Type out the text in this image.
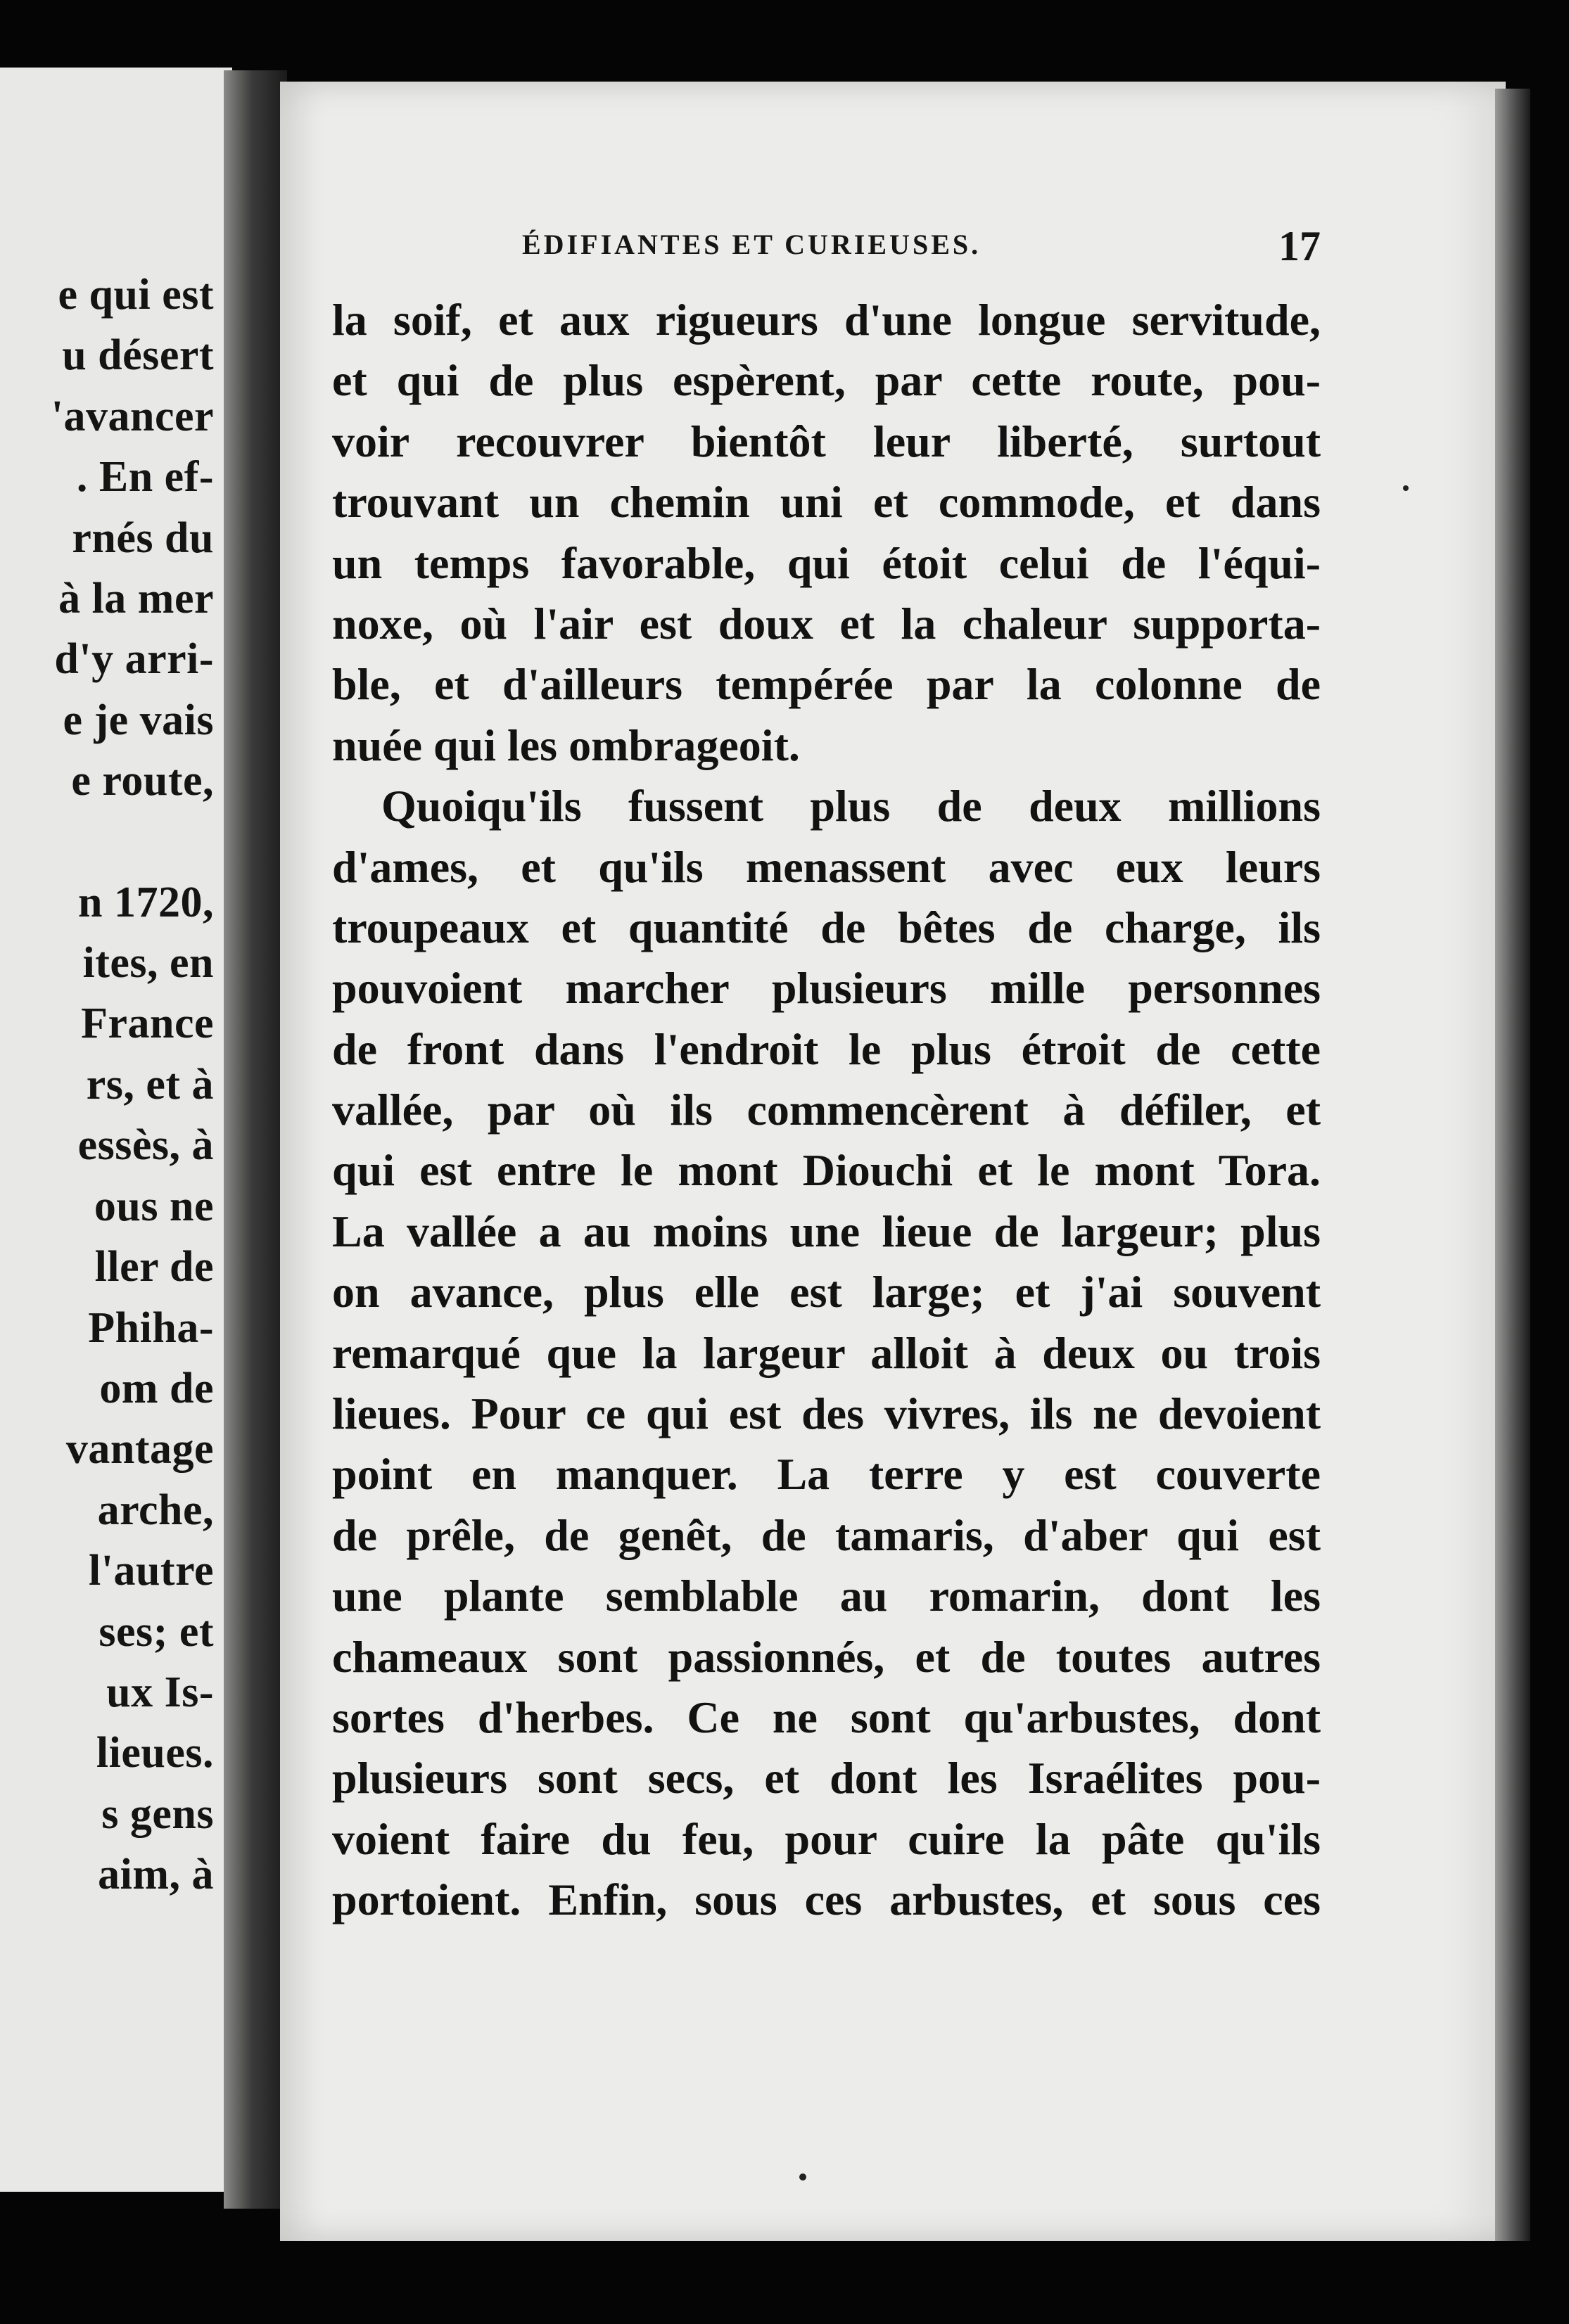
e qui est
u désert
'avancer
. En ef-
rnés du
à la mer
d'y arri-
e je vais
e route,
n 1720,
ites, en
France
rs, et à
essès, à
ous ne
ller de
Phiha-
om de
vantage
arche,
l'autre
ses; et
ux Is-
lieues.
s gens
aim, à
ÉDIFIANTES ET CURIEUSES.	17
la soif, et aux rigueurs d'une longue servitude,
et qui de plus espèrent, par cette route, pou-
voir recouvrer bientôt leur liberté, surtout
trouvant un chemin uni et commode, et dans
un temps favorable, qui étoit celui de l'équi-
noxe, où l'air est doux et la chaleur supporta-
ble, et d'ailleurs tempérée par la colonne de
nuée qui les ombrageoit.
Quoiqu'ils fussent plus de deux millions
d'ames, et qu'ils menassent avec eux leurs
troupeaux et quantité de bêtes de charge, ils
pouvoient marcher plusieurs mille personnes
de front dans l'endroit le plus étroit de cette
vallée, par où ils commencèrent à défiler, et
qui est entre le mont Diouchi et le mont Tora.
La vallée a au moins une lieue de largeur; plus
on avance, plus elle est large; et j'ai souvent
remarqué que la largeur alloit à deux ou trois
lieues. Pour ce qui est des vivres, ils ne devoient
point en manquer. La terre y est couverte
de prêle, de genêt, de tamaris, d'aber qui est
une plante semblable au romarin, dont les
chameaux sont passionnés, et de toutes autres
sortes d'herbes. Ce ne sont qu'arbustes, dont
plusieurs sont secs, et dont les Israélites pou-
voient faire du feu, pour cuire la pâte qu'ils
portoient. Enfin, sous ces arbustes, et sous ces
